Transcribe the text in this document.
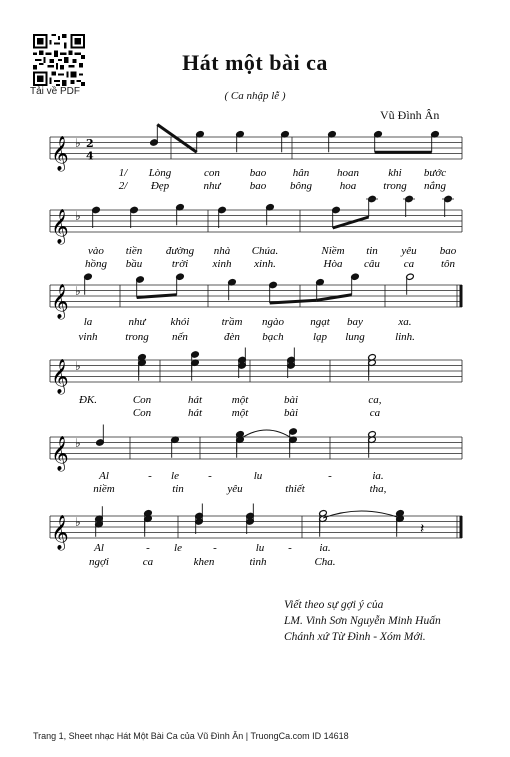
Tải về PDF
Hát một bài ca
( Ca nhập lễ )
Vũ Đình Ân
𝄞 ♭ 2
4
1/ Lòng	con	bao hân	hoan	khi bước
2/ Đẹp	như	bao bông	hoa trong nắng
𝄞 ♭
vào tiền đường nhà Chúa.	Niềm tin yêu bao
hồng bầu	trời xinh xinh.	Hòa câu ca tôn
𝄞 ♭
la	như khói	trầm ngào ngạt bay	xa.
vinh	trong nến	đèn bạch	lạp lung	linh.
𝄞 ♭
ĐK.	Con	hát	một	bài	ca,
Con	hát	một	bài	ca
𝄞 ♭
Al	- le	-	lu	-	ia.
niềm	tin	yêu	thiết	tha,
𝄞 ♭	𝄽
Al	- le	-	lu -	ia.
ngợi	ca	khen	tình	Cha.
Viết theo sự gợi ý của
LM. Vinh Sơn Nguyễn Minh Huấn
Chánh xứ Từ Đình - Xóm Mới.
Trang 1, Sheet nhạc Hát Một Bài Ca của Vũ Đình Ân | TruongCa.com ID 14618
